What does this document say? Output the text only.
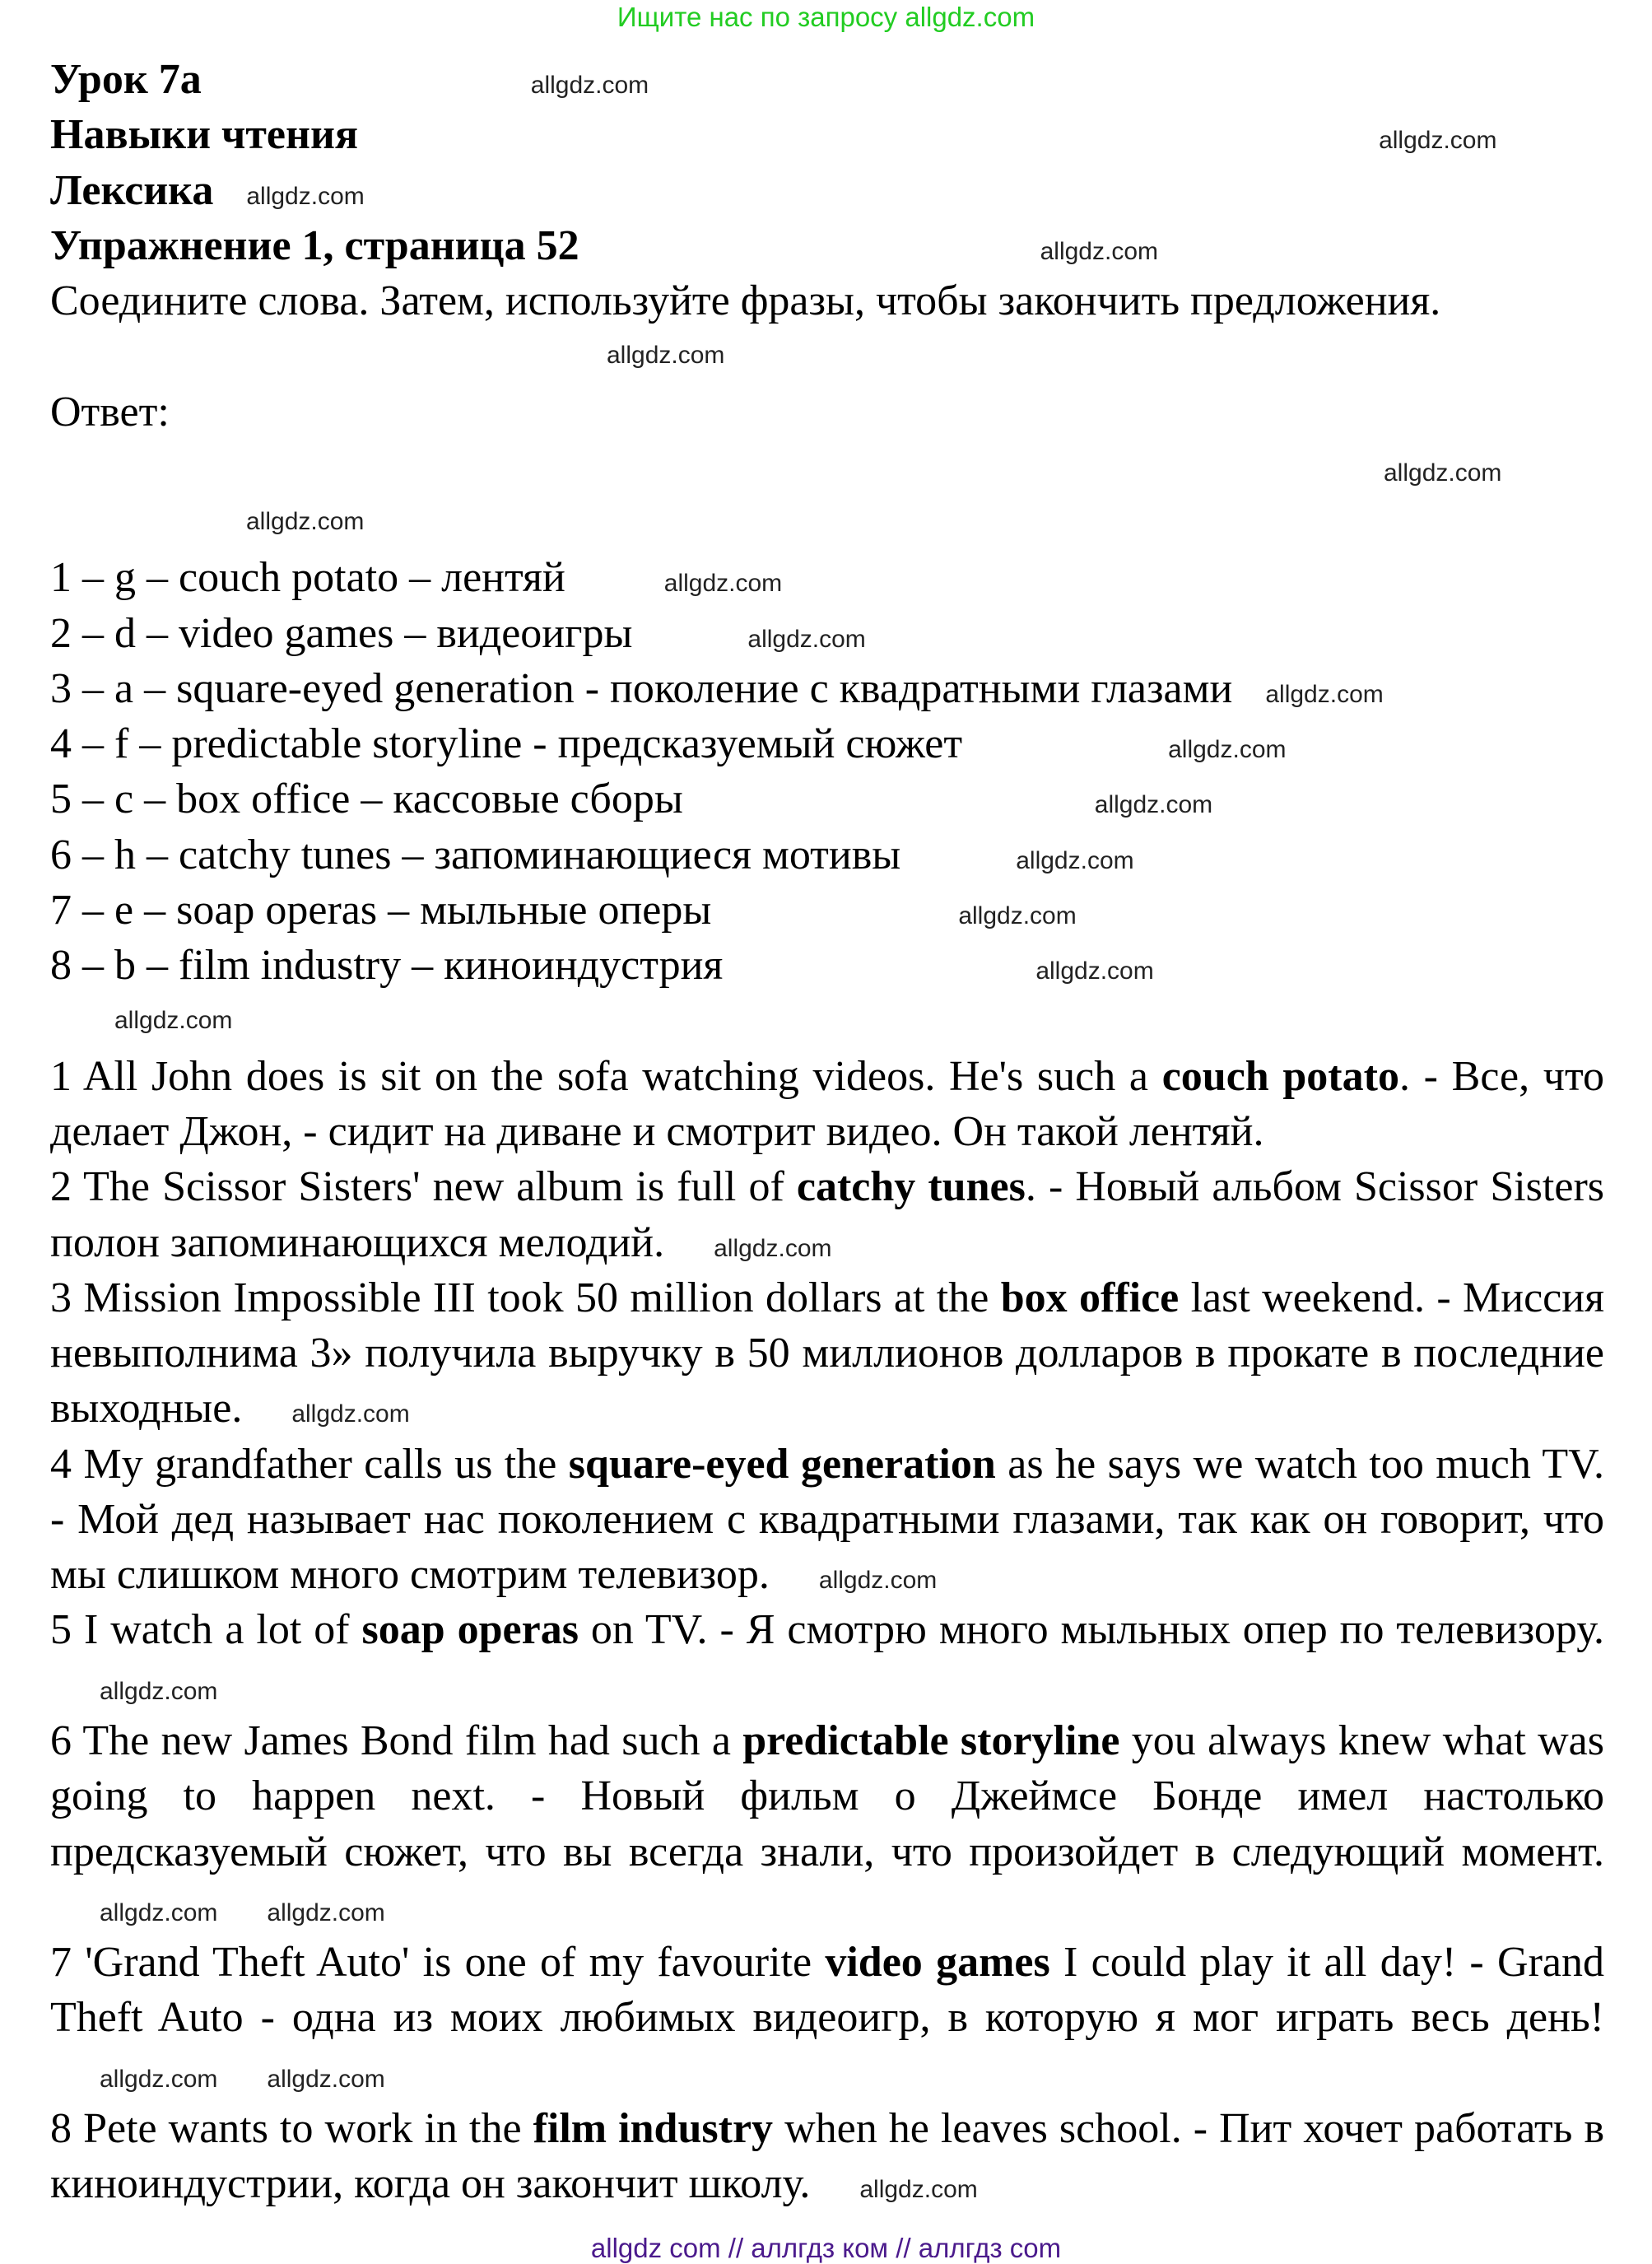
Ищите нас по запросу allgdz.com

Урок 7a	allgdz.com

Навыки чтения	allgdz.com

Лексика allgdz.com

Упражнение 1, страница 52	allgdz.com

Соедините слова. Затем, используйте фразы, чтобы закончить предложения.

allgdz.com

Ответ:allgdz.com

allgdz.com

1 – g – couch potato – лентяй	allgdz.com

2 – d – video games – видеоигры	allgdz.com

3 – a – square-eyed generation - поколение с квадратными глазами allgdz.com

4 – f – predictable storyline - предсказуемый сюжет	allgdz.com

5 – c – box office – кассовые сборы	allgdz.com

6 – h – catchy tunes – запоминающиеся мотивы	allgdz.com

7 – e – soap operas – мыльные оперы	allgdz.com

8 – b – film industry – киноиндустрия	allgdz.com

allgdz.com

1 All John does is sit on the sofa watching videos. He's such a couch potato. - Все, что делает Джон, - сидит на диване и смотрит видео. Он такой лентяй.

2 The Scissor Sisters' new album is full of catchy tunes. - Новый альбом Scissor Sisters полон запоминающихся мелодий. allgdz.com

3 Mission Impossible III took 50 million dollars at the box office last weekend. - Миссия невыполнима 3» получила выручку в 50 миллионов долларов в прокате в последние выходные. allgdz.com

4 My grandfather calls us the square-eyed generation as he says we watch too much TV. - Мой дед называет нас поколением с квадратными глазами, так как он говорит, что мы слишком много смотрим телевизор. allgdz.com

5 I watch a lot of soap operas on TV. - Я смотрю много мыльных опер по телевизору.allgdz.com

6 The new James Bond film had such a predictable storyline you always knew what was going to happen next. - Новый фильм о Джеймсе Бонде имел настолько предсказуемый сюжет, что вы всегда знали, что произойдет в следующий момент.allgdz.com allgdz.com

7 'Grand Theft Auto' is one of my favourite video games I could play it all day! - Grand Theft Auto - одна из моих любимых видеоигр, в которую я мог играть весь день!allgdz.com allgdz.com

8 Pete wants to work in the film industry when he leaves school. - Пит хочет работать в киноиндустрии, когда он закончит школу. allgdz.com

allgdz com // аллгдз ком // аллгдз com
